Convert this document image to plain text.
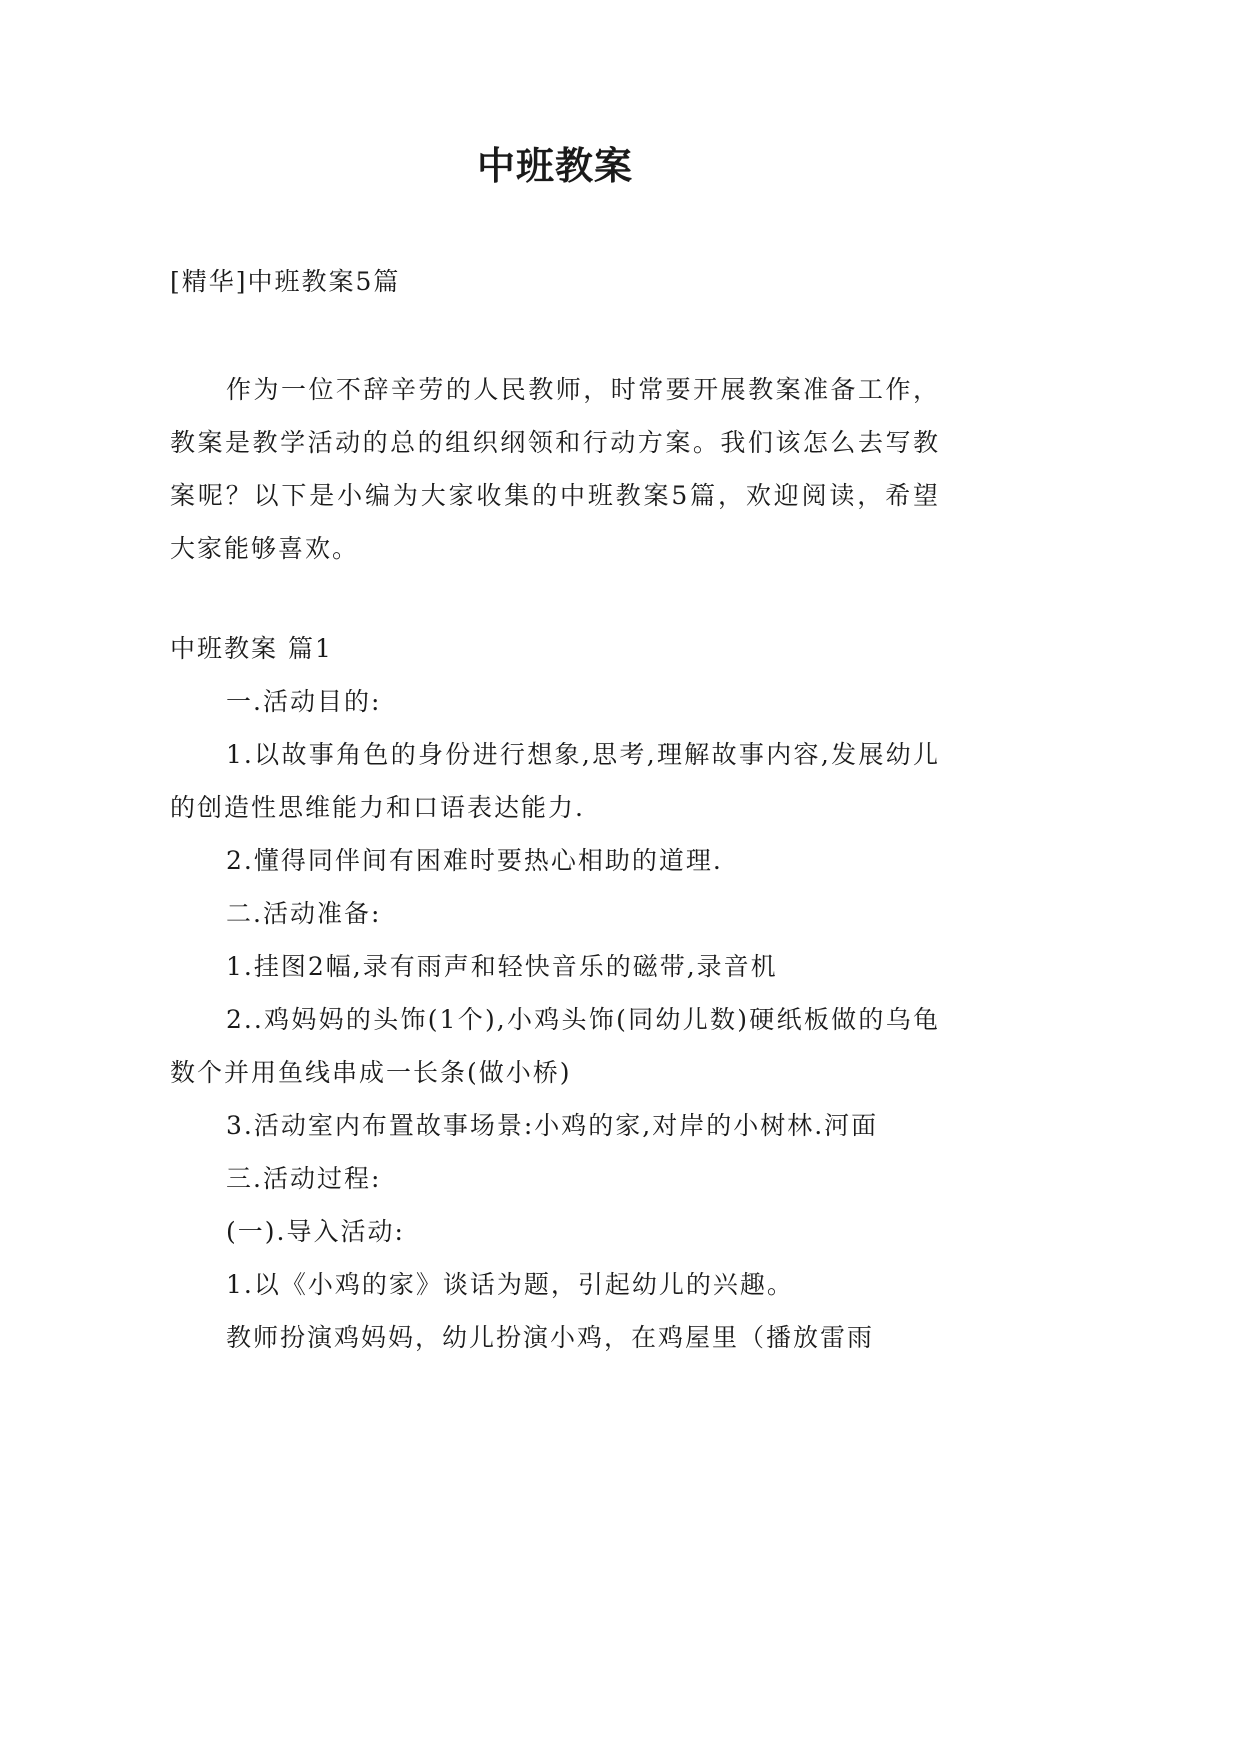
中班教案
[精华]中班教案5篇

作为一位不辞辛劳的人民教师，时常要开展教案准备工作，教案是教学活动的总的组织纲领和行动方案。我们该怎么去写教案呢？以下是小编为大家收集的中班教案5篇，欢迎阅读，希望大家能够喜欢。

中班教案 篇1

一.活动目的:

1.以故事角色的身份进行想象,思考,理解故事内容,发展幼儿的创造性思维能力和口语表达能力.

2.懂得同伴间有困难时要热心相助的道理.

二.活动准备:

1.挂图2幅,录有雨声和轻快音乐的磁带,录音机

2..鸡妈妈的头饰(1个),小鸡头饰(同幼儿数)硬纸板做的乌龟数个并用鱼线串成一长条(做小桥)

3.活动室内布置故事场景:小鸡的家,对岸的小树林.河面

三.活动过程:

(一).导入活动:

1.以《小鸡的家》谈话为题，引起幼儿的兴趣。

教师扮演鸡妈妈，幼儿扮演小鸡，在鸡屋里（播放雷雨
